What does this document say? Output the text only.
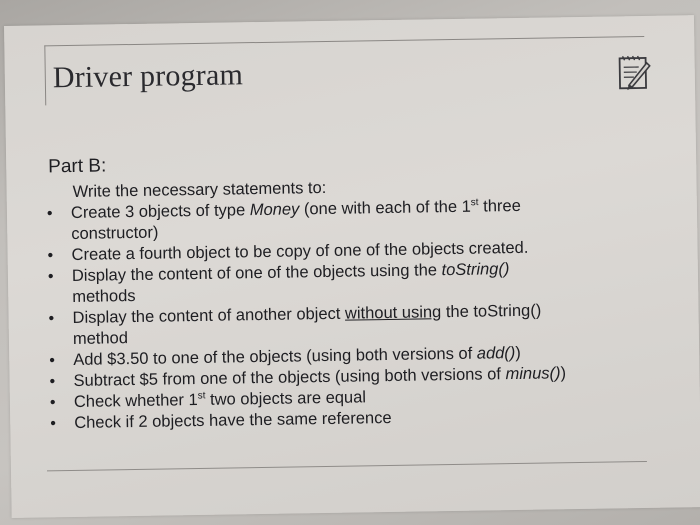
Driver program
Part B:
Write the necessary statements to:
• Create 3 objects of type Money (one with each of the 1st three
constructor)
• Create a fourth object to be copy of one of the objects created.
• Display the content of one of the objects using the toString()
methods
• Display the content of another object without using the toString()
method
• Add $3.50 to one of the objects (using both versions of add())
• Subtract $5 from one of the objects (using both versions of minus())
• Check whether 1st two objects are equal
• Check if 2 objects have the same reference
